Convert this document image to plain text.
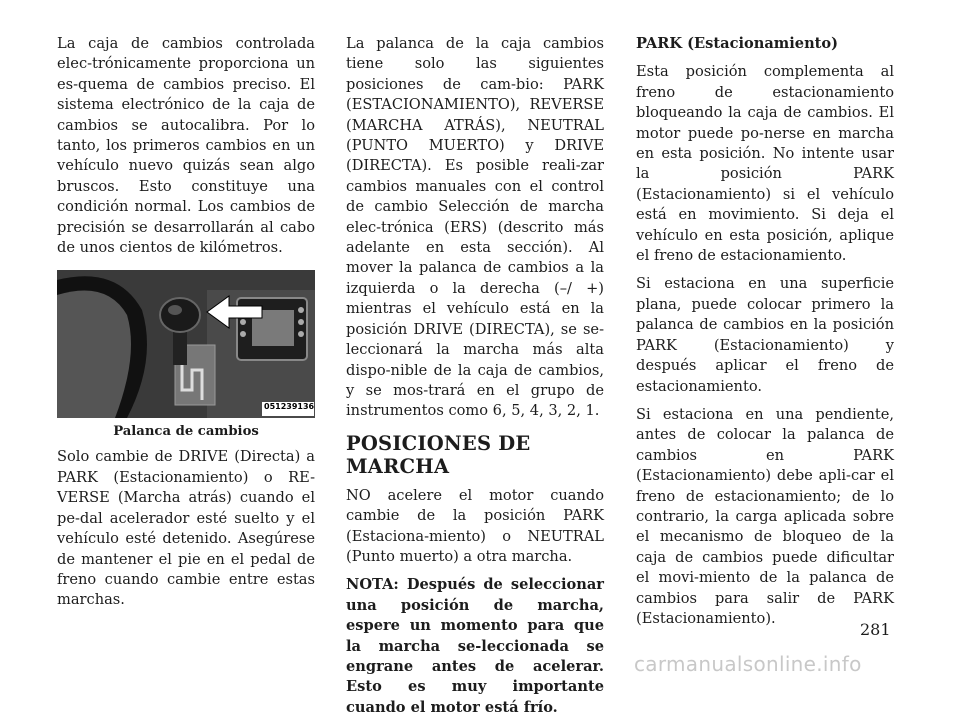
La caja de cambios controlada elec-trónicamente proporciona un es-quema de cambios preciso. El sistema electrónico de la caja de cambios se autocalibra. Por lo tanto, los primeros cambios en un vehículo nuevo quizás sean algo bruscos. Esto constituye una condición normal. Los cambios de precisión se desarrollarán al cabo de unos cientos de kilómetros.

051239136
Palanca de cambios

Solo cambie de DRIVE (Directa) a PARK (Estacionamiento) o RE-VERSE (Marcha atrás) cuando el pe-dal acelerador esté suelto y el vehículo esté detenido. Asegúrese de mantener el pie en el pedal de freno cuando cambie entre estas marchas.

La palanca de la caja cambios tiene solo las siguientes posiciones de cam-bio: PARK (ESTACIONAMIENTO), REVERSE (MARCHA ATRÁS), NEUTRAL (PUNTO MUERTO) y DRIVE (DIRECTA). Es posible reali-zar cambios manuales con el control de cambio Selección de marcha elec-trónica (ERS) (descrito más adelante en esta sección). Al mover la palanca de cambios a la izquierda o la derecha (–/ +) mientras el vehículo está en la posición DRIVE (DIRECTA), se se-leccionará la marcha más alta dispo-nible de la caja de cambios, y se mos-trará en el grupo de instrumentos como 6, 5, 4, 3, 2, 1.

POSICIONES DE MARCHA

NO acelere el motor cuando cambie de la posición PARK (Estaciona-miento) o NEUTRAL (Punto muerto) a otra marcha.

NOTA: Después de seleccionar una posición de marcha, espere un momento para que la marcha se-leccionada se engrane antes de acelerar. Esto es muy importante cuando el motor está frío.

PARK (Estacionamiento)

Esta posición complementa al freno de estacionamiento bloqueando la caja de cambios. El motor puede po-nerse en marcha en esta posición. No intente usar la posición PARK (Estacionamiento) si el vehículo está en movimiento. Si deja el vehículo en esta posición, aplique el freno de estacionamiento.

Si estaciona en una superficie plana, puede colocar primero la palanca de cambios en la posición PARK (Estacionamiento) y después aplicar el freno de estacionamiento.

Si estaciona en una pendiente, antes de colocar la palanca de cambios en PARK (Estacionamiento) debe apli-car el freno de estacionamiento; de lo contrario, la carga aplicada sobre el mecanismo de bloqueo de la caja de cambios puede dificultar el movi-miento de la palanca de cambios para salir de PARK (Estacionamiento).

281
carmanualsonline.info
